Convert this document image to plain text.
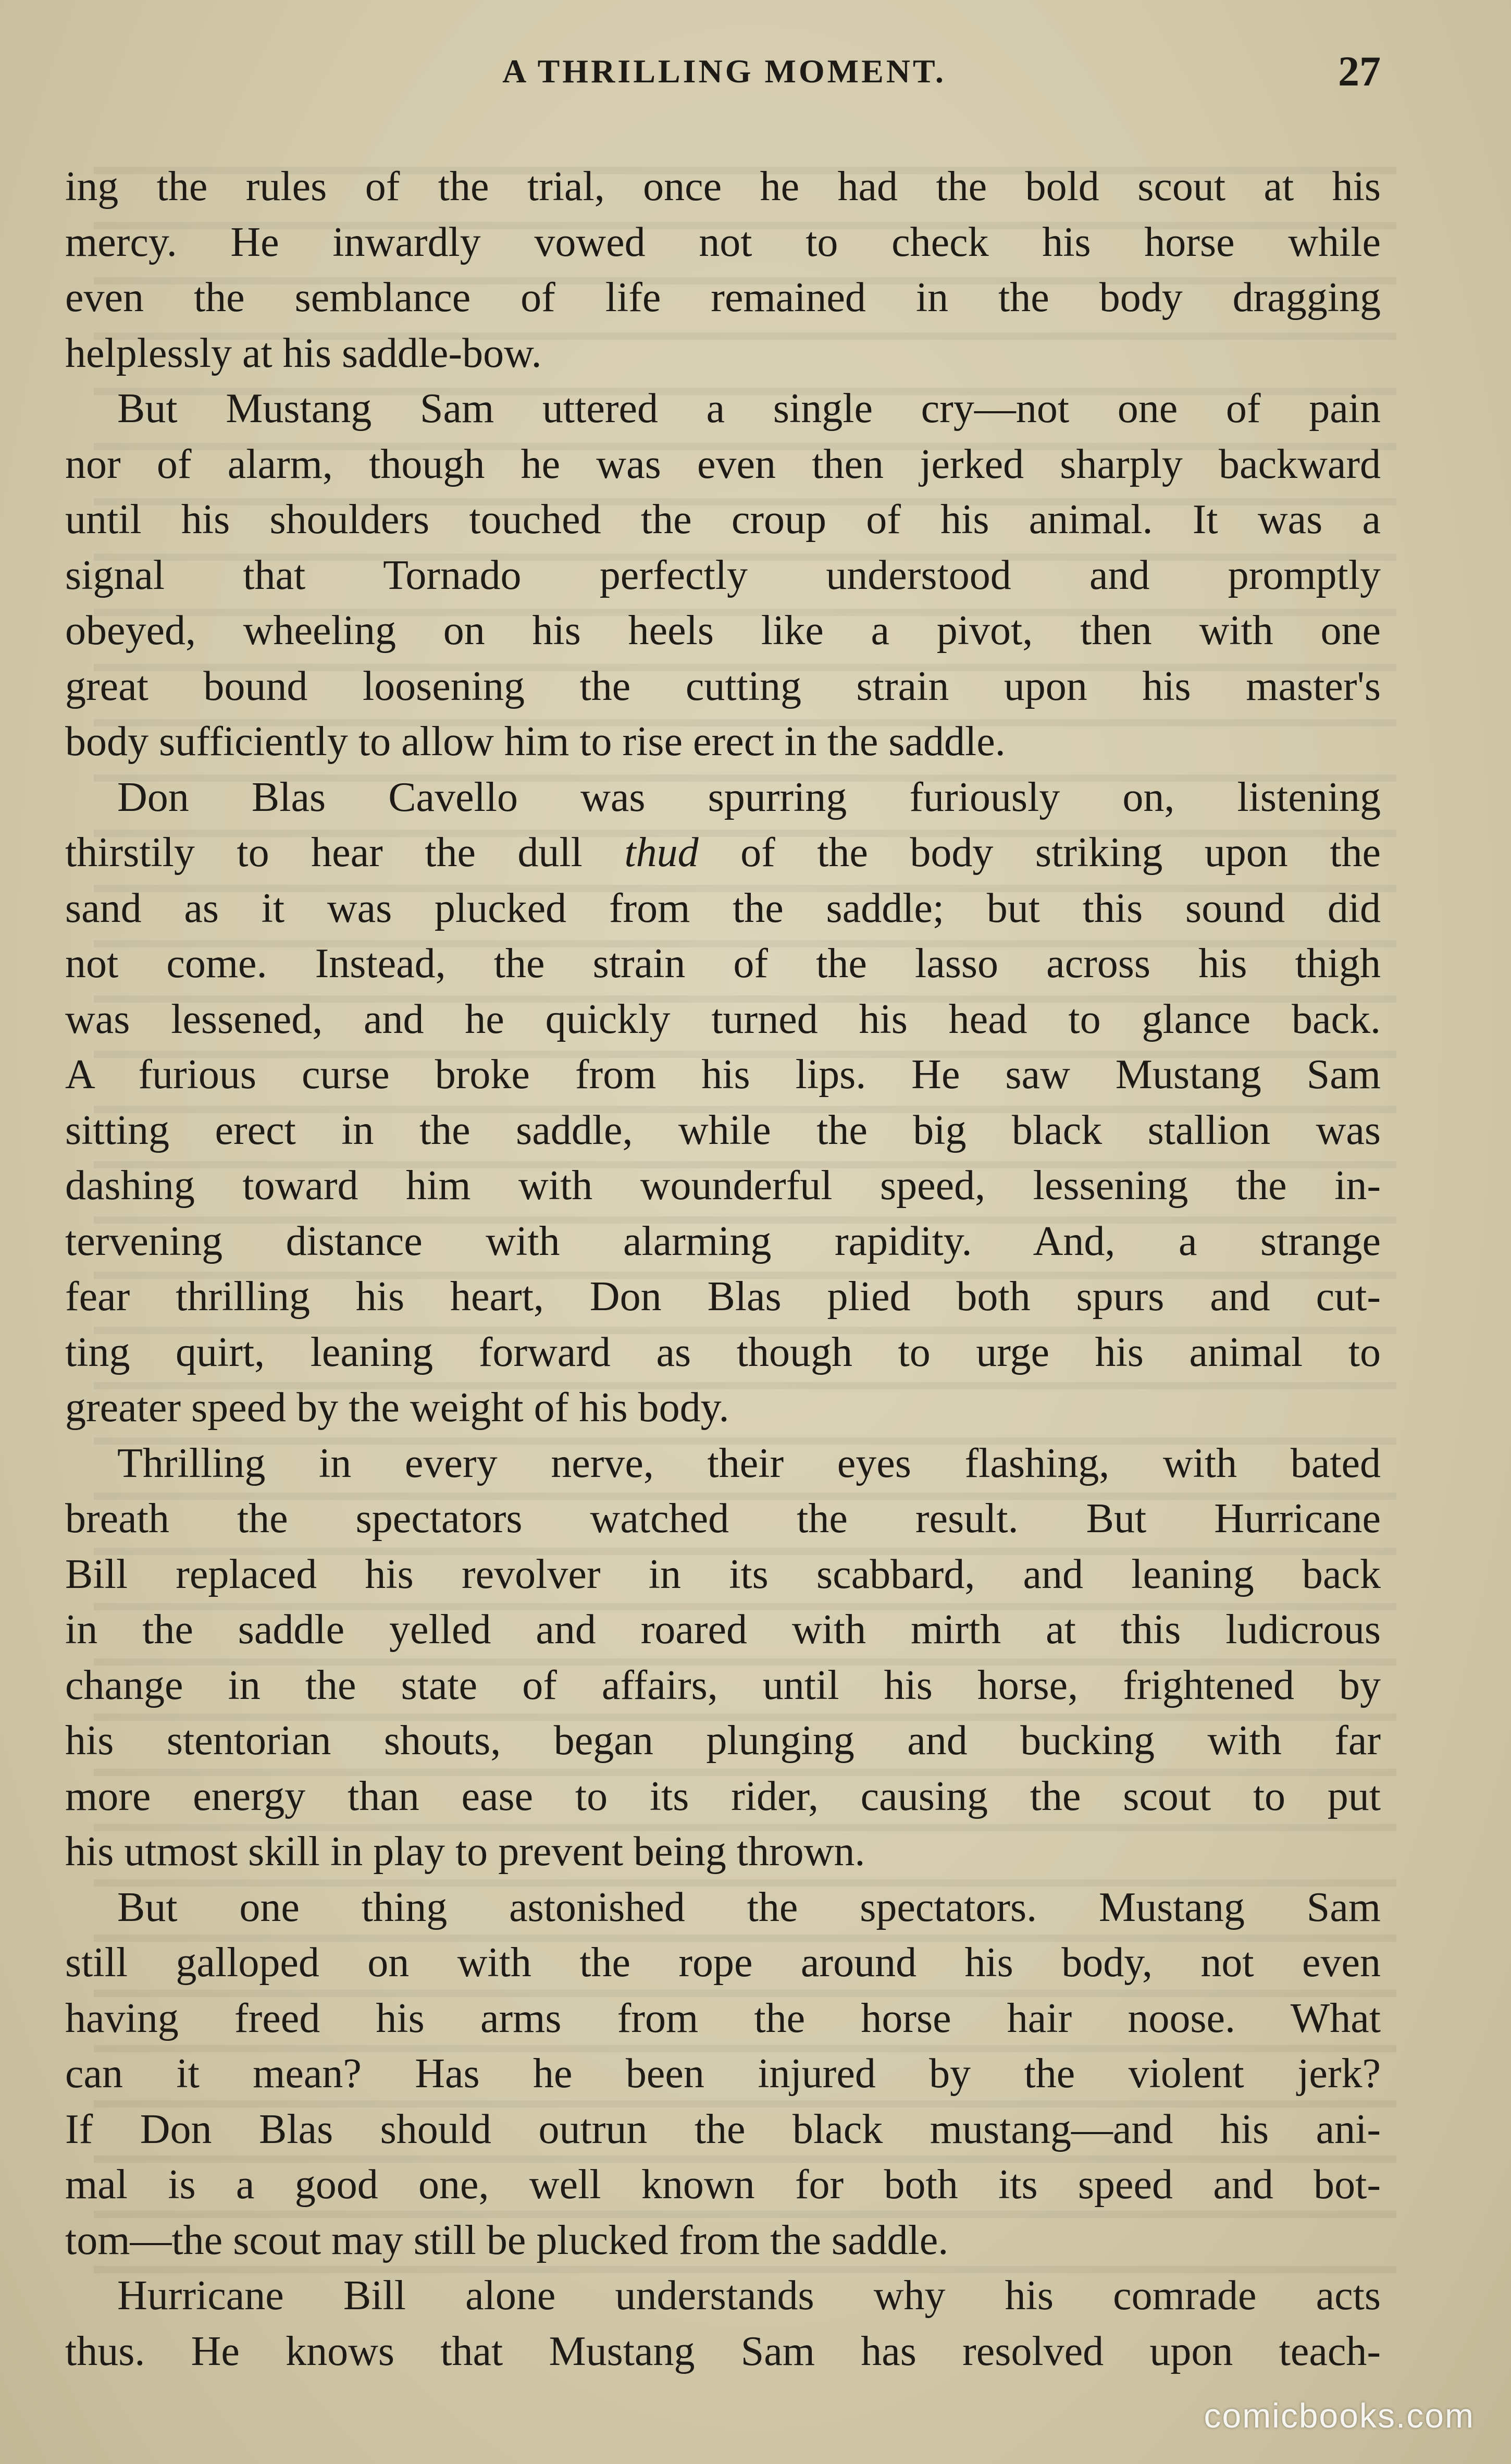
A THRILLING MOMENT.	27

ing the rules of the trial, once he had the bold scout at his

mercy. He inwardly vowed not to check his horse while

even the semblance of life remained in the body dragging

helplessly at his saddle-bow.

But Mustang Sam uttered a single cry—not one of pain

nor of alarm, though he was even then jerked sharply backward

until his shoulders touched the croup of his animal. It was a

signal that Tornado perfectly understood and promptly

obeyed, wheeling on his heels like a pivot, then with one

great bound loosening the cutting strain upon his master's

body sufficiently to allow him to rise erect in the saddle.

Don Blas Cavello was spurring furiously on, listening

thirstily to hear the dull thud of the body striking upon the

sand as it was plucked from the saddle; but this sound did

not come. Instead, the strain of the lasso across his thigh

was lessened, and he quickly turned his head to glance back.

A furious curse broke from his lips. He saw Mustang Sam

sitting erect in the saddle, while the big black stallion was

dashing toward him with wounderful speed, lessening the in-

tervening distance with alarming rapidity. And, a strange

fear thrilling his heart, Don Blas plied both spurs and cut-

ting quirt, leaning forward as though to urge his animal to

greater speed by the weight of his body.

Thrilling in every nerve, their eyes flashing, with bated

breath the spectators watched the result. But Hurricane

Bill replaced his revolver in its scabbard, and leaning back

in the saddle yelled and roared with mirth at this ludicrous

change in the state of affairs, until his horse, frightened by

his stentorian shouts, began plunging and bucking with far

more energy than ease to its rider, causing the scout to put

his utmost skill in play to prevent being thrown.

But one thing astonished the spectators. Mustang Sam

still galloped on with the rope around his body, not even

having freed his arms from the horse hair noose. What

can it mean? Has he been injured by the violent jerk?

If Don Blas should outrun the black mustang—and his ani-

mal is a good one, well known for both its speed and bot-

tom—the scout may still be plucked from the saddle.

Hurricane Bill alone understands why his comrade acts

thus. He knows that Mustang Sam has resolved upon teach-

comicbooks.com
